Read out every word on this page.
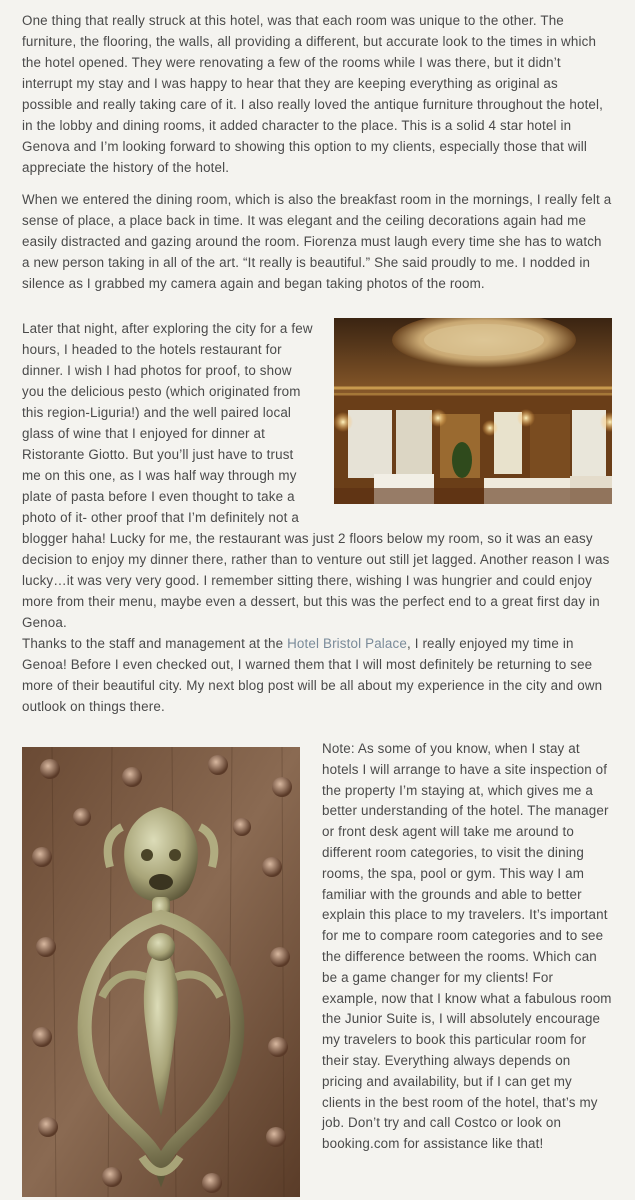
One thing that really struck at this hotel, was that each room was unique to the other. The furniture, the flooring, the walls, all providing a different, but accurate look to the times in which the hotel opened. They were renovating a few of the rooms while I was there, but it didn’t interrupt my stay and I was happy to hear that they are keeping everything as original as possible and really taking care of it. I also really loved the antique furniture throughout the hotel, in the lobby and dining rooms, it added character to the place. This is a solid 4 star hotel in Genova and I’m looking forward to showing this option to my clients, especially those that will appreciate the history of the hotel.

When we entered the dining room, which is also the breakfast room in the mornings, I really felt a sense of place, a place back in time. It was elegant and the ceiling decorations again had me easily distracted and gazing around the room. Fiorenza must laugh every time she has to watch a new person taking in all of the art. “It really is beautiful.” She said proudly to me. I nodded in silence as I grabbed my camera again and began taking photos of the room.

Later that night, after exploring the city for a few hours, I headed to the hotels restaurant for dinner. I wish I had photos for proof, to show you the delicious pesto (which originated from this region-Liguria!) and the well paired local glass of wine that I enjoyed for dinner at Ristorante Giotto. But you’ll just have to trust me on this one, as I was half way through my plate of pasta before I even thought to take a photo of it- other proof that I’m definitely not a blogger haha! Lucky for me, the restaurant was just 2 floors below my room, so it was an easy decision to enjoy my dinner there, rather than to venture out still jet lagged. Another reason I was lucky…it was very very good. I remember sitting there, wishing I was hungrier and could enjoy more from their menu, maybe even a dessert, but this was the perfect end to a great first day in Genoa.

Thanks to the staff and management at the Hotel Bristol Palace, I really enjoyed my time in Genoa! Before I even checked out, I warned them that I will most definitely be returning to see more of their beautiful city. My next blog post will be all about my experience in the city and own outlook on things there.

Note: As some of you know, when I stay at hotels I will arrange to have a site inspection of the property I’m staying at, which gives me a better understanding of the hotel. The manager or front desk agent will take me around to different room categories, to visit the dining rooms, the spa, pool or gym. This way I am familiar with the grounds and able to better explain this place to my travelers. It’s important for me to compare room categories and to see the difference between the rooms. Which can be a game changer for my clients! For example, now that I know what a fabulous room the Junior Suite is, I will absolutely encourage my travelers to book this particular room for their stay. Everything always depends on pricing and availability, but if I can get my clients in the best room of the hotel, that’s my job. Don’t try and call Costco or look on booking.com for assistance like that!
